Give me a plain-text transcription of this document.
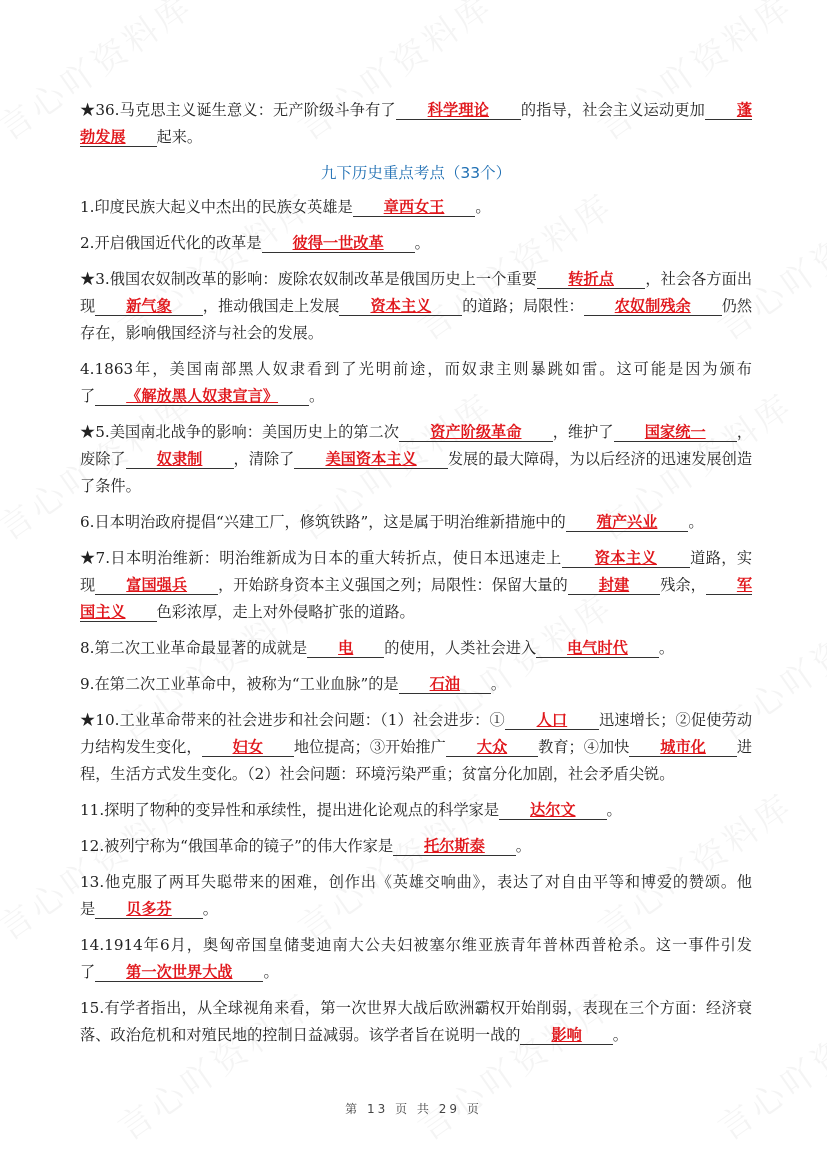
★36.马克思主义诞生意义：无产阶级斗争有了 科学理论 的指导，社会主义运动更加 蓬勃发展 起来。
九下历史重点考点（33个）
1.印度民族大起义中杰出的民族女英雄是 章西女王 。
2.开启俄国近代化的改革是 彼得一世改革 。
★3.俄国农奴制改革的影响：废除农奴制改革是俄国历史上一个重要 转折点 ，社会各方面出现 新气象 ，推动俄国走上发展 资本主义 的道路；局限性： 农奴制残余 仍然存在，影响俄国经济与社会的发展。
4.1863年，美国南部黑人奴隶看到了光明前途，而奴隶主则暴跳如雷。这可能是因为颁布了 《解放黑人奴隶宣言》 。
★5.美国南北战争的影响：美国历史上的第二次 资产阶级革命 ，维护了 国家统一 ，废除了 奴隶制 ，清除了 美国资本主义 发展的最大障碍，为以后经济的迅速发展创造了条件。
6.日本明治政府提倡“兴建工厂，修筑铁路”，这是属于明治维新措施中的 殖产兴业 。
★7.日本明治维新：明治维新成为日本的重大转折点，使日本迅速走上 资本主义 道路，实现 富国强兵 ，开始跻身资本主义强国之列；局限性：保留大量的 封建 残余， 军国主义 色彩浓厚，走上对外侵略扩张的道路。
8.第二次工业革命最显著的成就是 电 的使用，人类社会进入 电气时代 。
9.在第二次工业革命中，被称为“工业血脉”的是 石油 。
★10.工业革命带来的社会进步和社会问题：（1）社会进步：① 人口 迅速增长；②促使劳动力结构发生变化， 妇女 地位提高；③开始推广 大众 教育；④加快 城市化 进程，生活方式发生变化。（2）社会问题：环境污染严重；贫富分化加剧，社会矛盾尖锐。
11.探明了物种的变异性和承续性，提出进化论观点的科学家是 达尔文 。
12.被列宁称为“俄国革命的镜子”的伟大作家是 托尔斯泰 。
13.他克服了两耳失聪带来的困难，创作出《英雄交响曲》，表达了对自由平等和博爱的赞颂。他是 贝多芬 。
14.1914年6月，奥匈帝国皇储斐迪南大公夫妇被塞尔维亚族青年普林西普枪杀。这一事件引发了 第一次世界大战 。
15.有学者指出，从全球视角来看，第一次世界大战后欧洲霸权开始削弱，表现在三个方面：经济衰落、政治危机和对殖民地的控制日益减弱。该学者旨在说明一战的 影响 。
第 13 页 共 29 页
